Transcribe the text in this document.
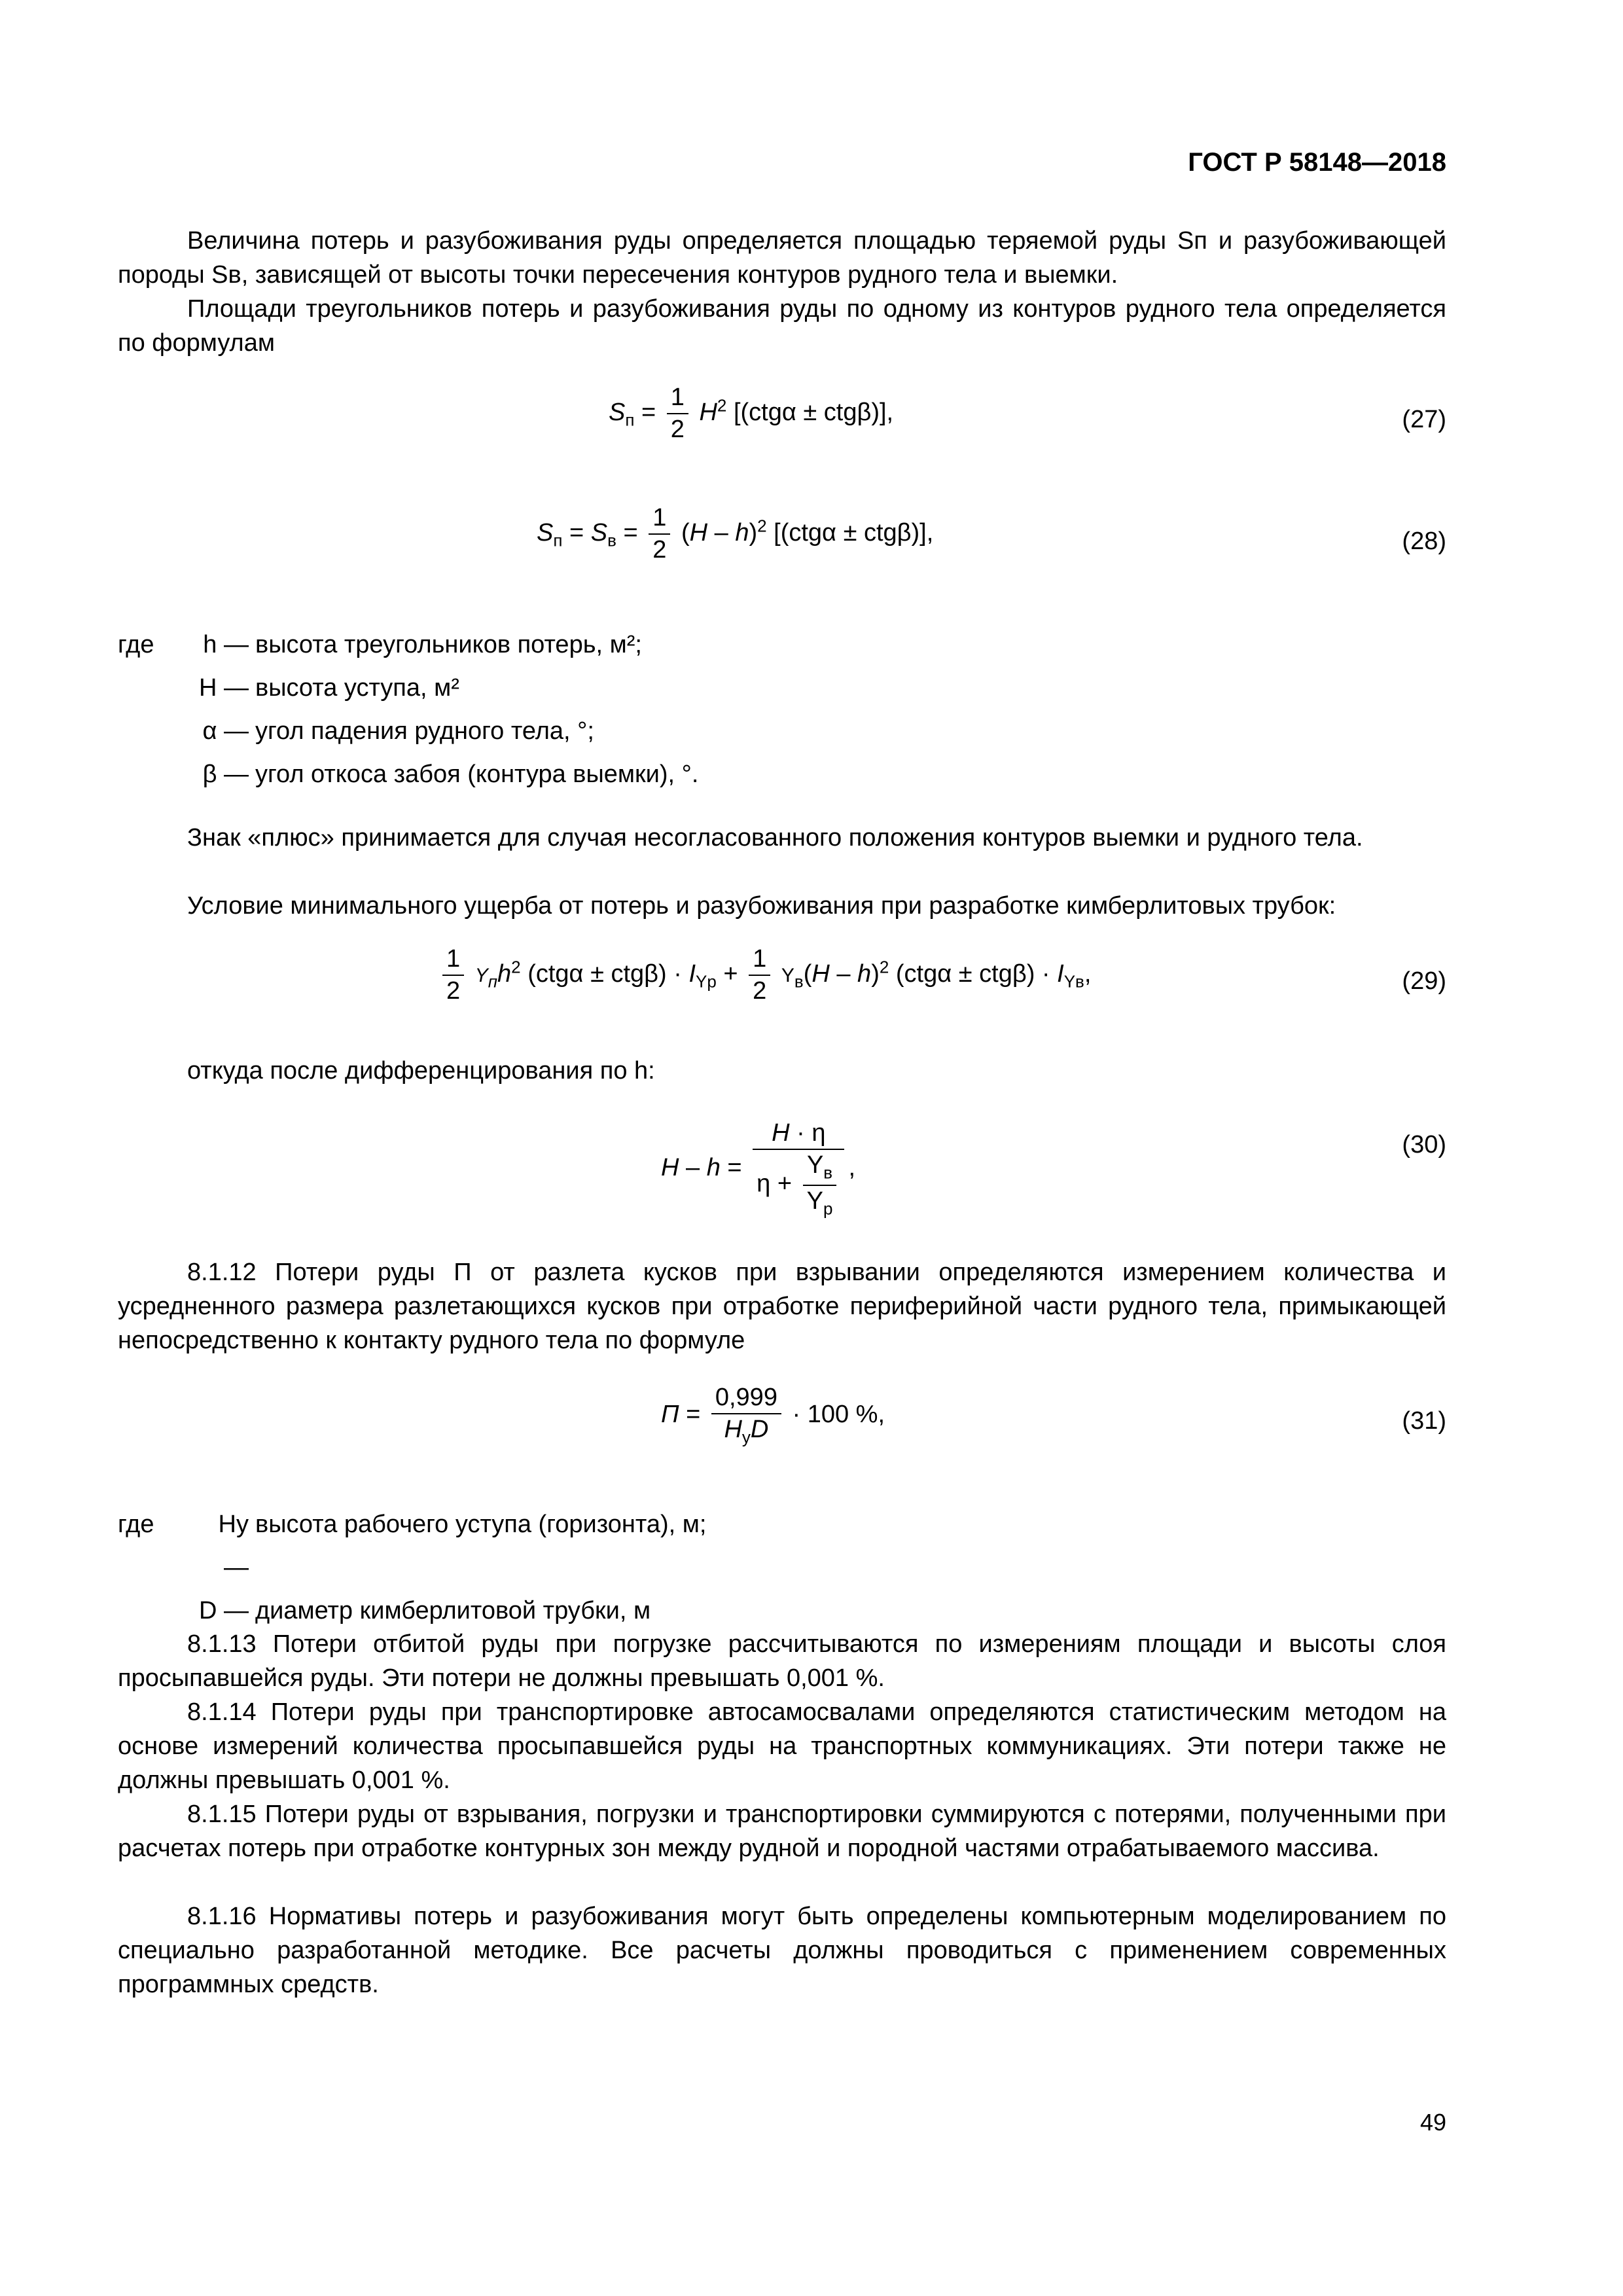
ГОСТ Р 58148—2018
Величина потерь и разубоживания руды определяется площадью теряемой руды Sп и разубоживающей породы Sв, зависящей от высоты точки пересечения контуров рудного тела и выемки.
Площади треугольников потерь и разубоживания руды по одному из контуров рудного тела определяется по формулам
$S_п = \frac{1}{2} H^2$ [(ctgα ± ctgβ)],	(27)
$S_п = S_в = \frac{1}{2} (H - h)^2$ [(ctgα ± ctgβ)],	(28)
где	h — высота треугольников потерь, м²;
H — высота уступа, м²
α — угол падения рудного тела, °;
β — угол откоса забоя (контура выемки), °.
Знак «плюс» принимается для случая несогласованного положения контуров выемки и рудного тела.
Условие минимального ущерба от потерь и разубоживания при разработке кимберлитовых трубок:
$\frac{1}{2} Y_пh^2$ $(ctg\alpha \pm ctg\beta) \cdot I_{Yр} + \frac{1}{2} Y_в(H - h)^2$ $(ctg\alpha \pm ctg\beta) \cdot I_{Yв}$,	(29)
откуда после дифференцирования по h:
$H - h = \frac{H \cdot \eta}{\eta + \frac{Y_в}{Y_р}}$ ,
(30)
8.1.12 Потери руды П от разлета кусков при взрывании определяются измерением количества и усредненного размера разлетающихся кусков при отработке периферийной части рудного тела, примыкающей непосредственно к контакту рудного тела по формуле
$П = \frac{0,999}{H_уD} \cdot 100$ %,	(31)
где	Hу —
высота рабочего уступа (горизонта), м;
D — диаметр кимберлитовой трубки, м
8.1.13 Потери отбитой руды при погрузке рассчитываются по измерениям площади и высоты слоя просыпавшейся руды. Эти потери не должны превышать 0,001 %.
8.1.14 Потери руды при транспортировке автосамосвалами определяются статистическим методом на основе измерений количества просыпавшейся руды на транспортных коммуникациях. Эти потери также не должны превышать 0,001 %.
8.1.15 Потери руды от взрывания, погрузки и транспортировки суммируются с потерями, полученными при расчетах потерь при отработке контурных зон между рудной и породной частями отрабатываемого массива.
8.1.16 Нормативы потерь и разубоживания могут быть определены компьютерным моделированием по специально разработанной методике. Все расчеты должны проводиться с применением современных программных средств.
49
